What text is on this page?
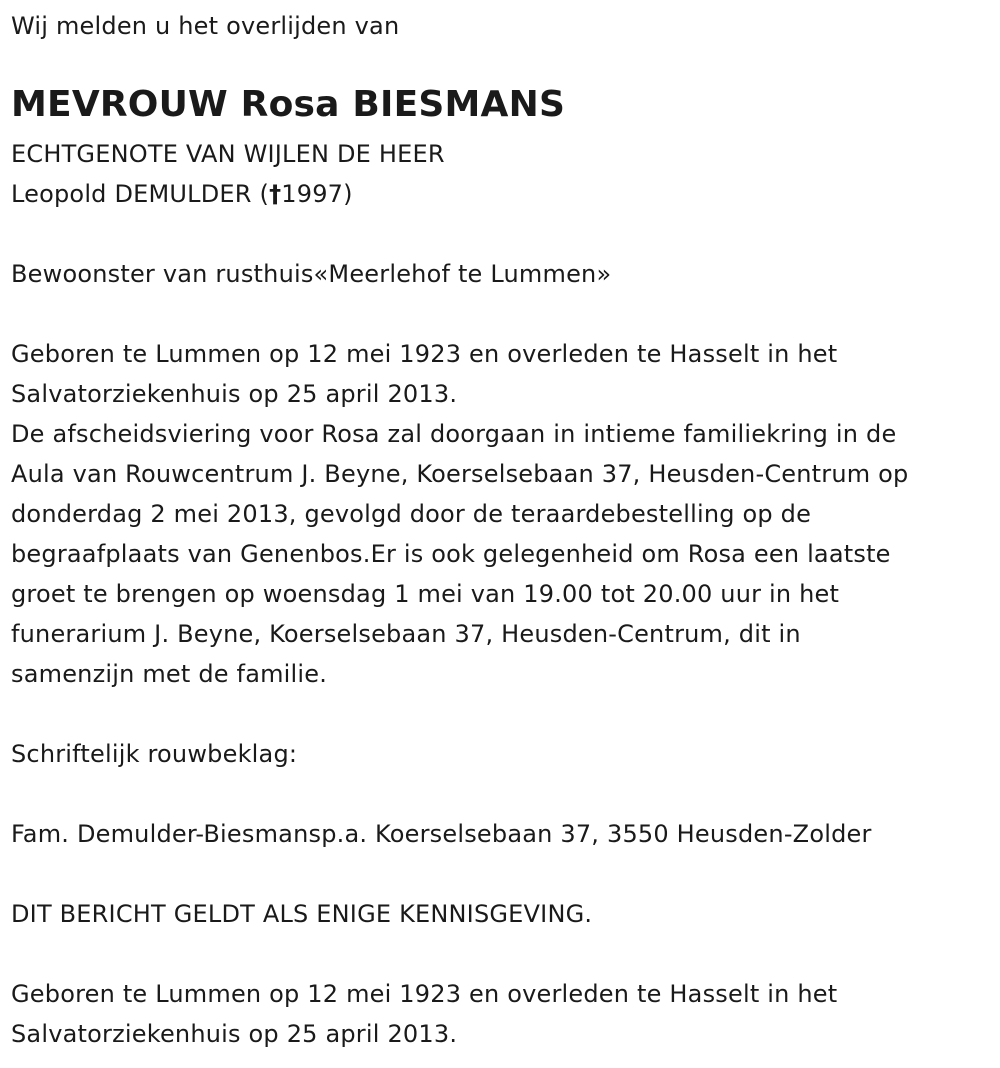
Wij melden u het overlijden van
MEVROUW Rosa BIESMANS
ECHTGENOTE VAN WIJLEN DE HEER
Leopold DEMULDER (†1997)
Bewoonster van rusthuis«Meerlehof te Lummen»
Geboren te Lummen op 12 mei 1923 en overleden te Hasselt in het
Salvatorziekenhuis op 25 april 2013.
De afscheidsviering voor Rosa zal doorgaan in intieme familiekring in de
Aula van Rouwcentrum J. Beyne, Koerselsebaan 37, Heusden-Centrum op
donderdag 2 mei 2013, gevolgd door de teraardebestelling op de
begraafplaats van Genenbos.Er is ook gelegenheid om Rosa een laatste
groet te brengen op woensdag 1 mei van 19.00 tot 20.00 uur in het
funerarium J. Beyne, Koerselsebaan 37, Heusden-Centrum, dit in
samenzijn met de familie.
Schriftelijk rouwbeklag:
Fam. Demulder-Biesmansp.a. Koerselsebaan 37, 3550 Heusden-Zolder
DIT BERICHT GELDT ALS ENIGE KENNISGEVING.
Geboren te Lummen op 12 mei 1923 en overleden te Hasselt in het
Salvatorziekenhuis op 25 april 2013.
